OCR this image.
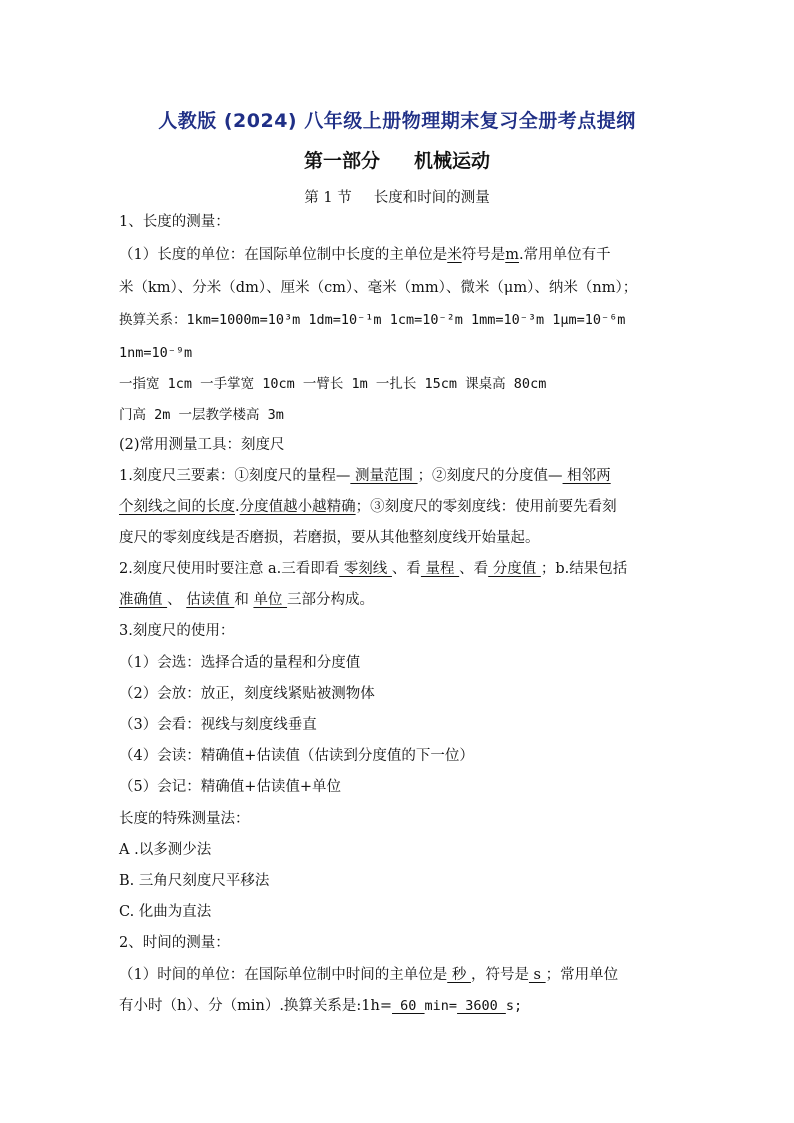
人教版 (2024) 八年级上册物理期末复习全册考点提纲
第一部分 机械运动
第 1 节 长度和时间的测量
1、长度的测量：
（1）长度的单位：在国际单位制中长度的主单位是米符号是m.常用单位有千
米（km）、分米（dm）、厘米（cm）、毫米（mm）、微米（μm）、纳米（nm）；
换算关系：1km=1000m=10³m 1dm=10⁻¹m 1cm=10⁻²m 1mm=10⁻³m 1μm=10⁻⁶m
1nm=10⁻⁹m
一指宽 1cm 一手掌宽 10cm 一臂长 1m 一扎长 15cm 课桌高 80cm
门高 2m 一层教学楼高 3m
(2)常用测量工具：刻度尺
1.刻度尺三要素：①刻度尺的量程— 测量范围 ；②刻度尺的分度值— 相邻两
个刻线之间的长度.分度值越小越精确；③刻度尺的零刻度线：使用前要先看刻
度尺的零刻度线是否磨损，若磨损，要从其他整刻度线开始量起。
2.刻度尺使用时要注意 a.三看即看 零刻线 、看 量程 、看 分度值 ；b.结果包括
准确值 、 估读值 和 单位 三部分构成。
3.刻度尺的使用：
（1）会选：选择合适的量程和分度值
（2）会放：放正，刻度线紧贴被测物体
（3）会看：视线与刻度线垂直
（4）会读：精确值+估读值（估读到分度值的下一位）
（5）会记：精确值+估读值+单位
长度的特殊测量法：
A .以多测少法
B. 三角尺刻度尺平移法
C. 化曲为直法
2、时间的测量：
（1）时间的单位：在国际单位制中时间的主单位是 秒 ，符号是 s ；常用单位
有小时（h）、分（min）.换算关系是:1h= 60 min= 3600 s;
